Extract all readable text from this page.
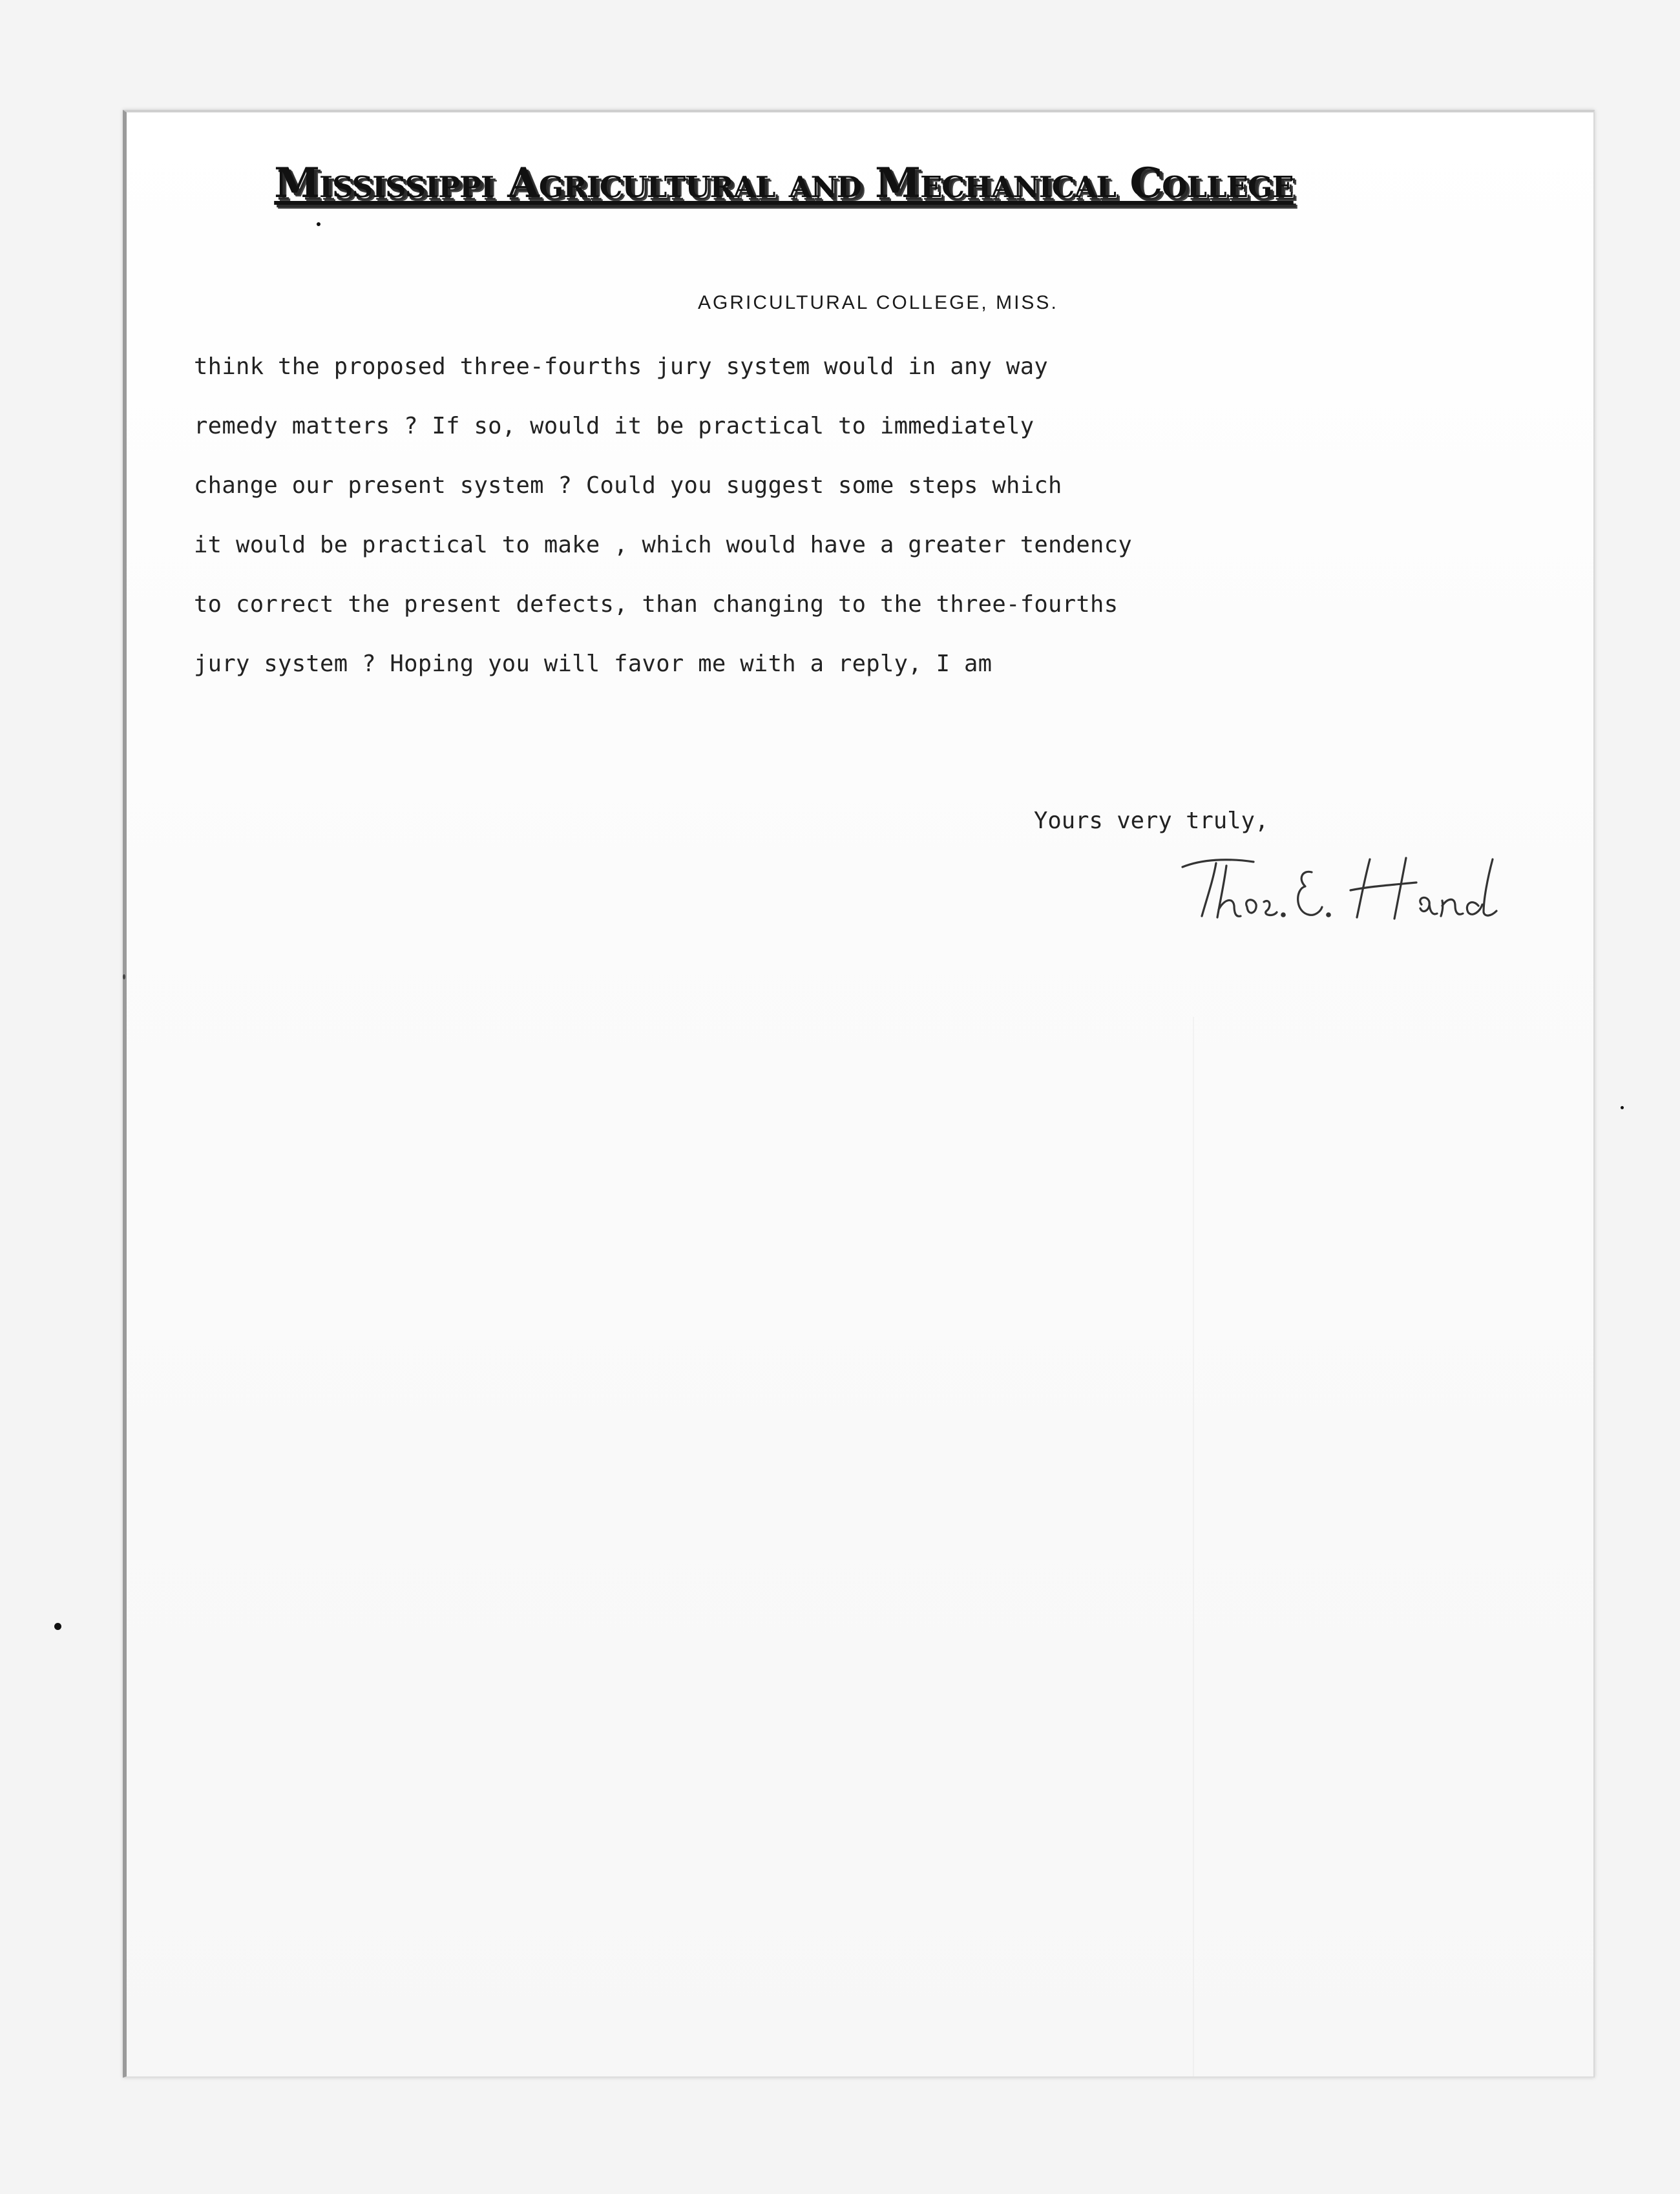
Mississippi Agricultural and Mechanical College
AGRICULTURAL COLLEGE, MISS.
think the proposed three-fourths jury system would in any way
remedy matters ? If so, would it be practical to immediately
change our present system ? Could you suggest some steps which
it would be practical to make , which would have a greater tendency
to correct the present defects, than changing to the three-fourths
jury system ? Hoping you will favor me with a reply, I am
Yours very truly,
